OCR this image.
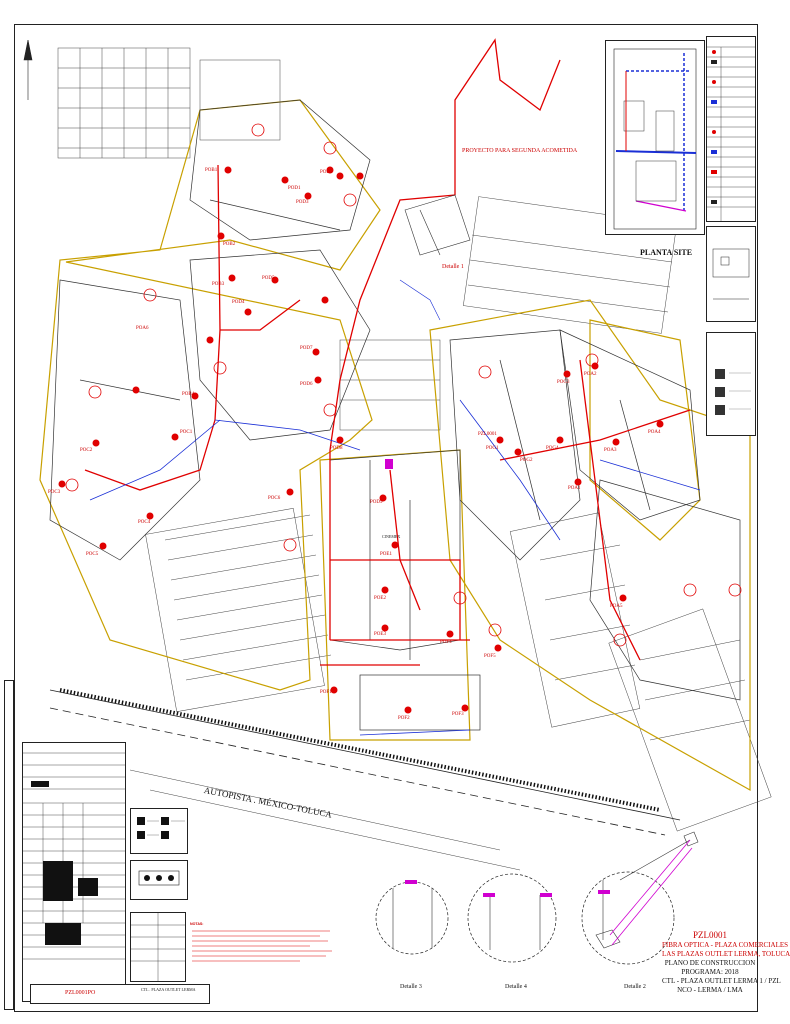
PLANTA SITE
PROYECTO PARA SEGUNDA ACOMETIDA
Detalle 1
AUTOPISTA . MÉXICO-TOLUCA
CINEMEX
PZL0001
POB1
POB2
POB3
POB4
POC1
POC2
POC3
POC4
POC5
POC6
POD1
POD2
POD3
POD4
POD5
POD6
POD7
POD8
POD9
POE1
POE2
POE3
POF1
POF2
POF3
POF4
POF5
POG1
POG2
POG3
POG4
POA1
POA2
POA3
POA4
POA5
POA6
NOTAS:
PZL0001PO
CTL . PLAZA OUTLET LERMA	Detalle 3	Detalle 4	Detalle 2
PZL0001
FIBRA OPTICA - PLAZA COMERCIALES
LAS PLAZAS OUTLET LERMA, TOLUCA
PLANO DE CONSTRUCCION
PROGRAMA: 2018
CTL - PLAZA OUTLET LERMA 1 / PZL
NCO - LERMA / LMA
